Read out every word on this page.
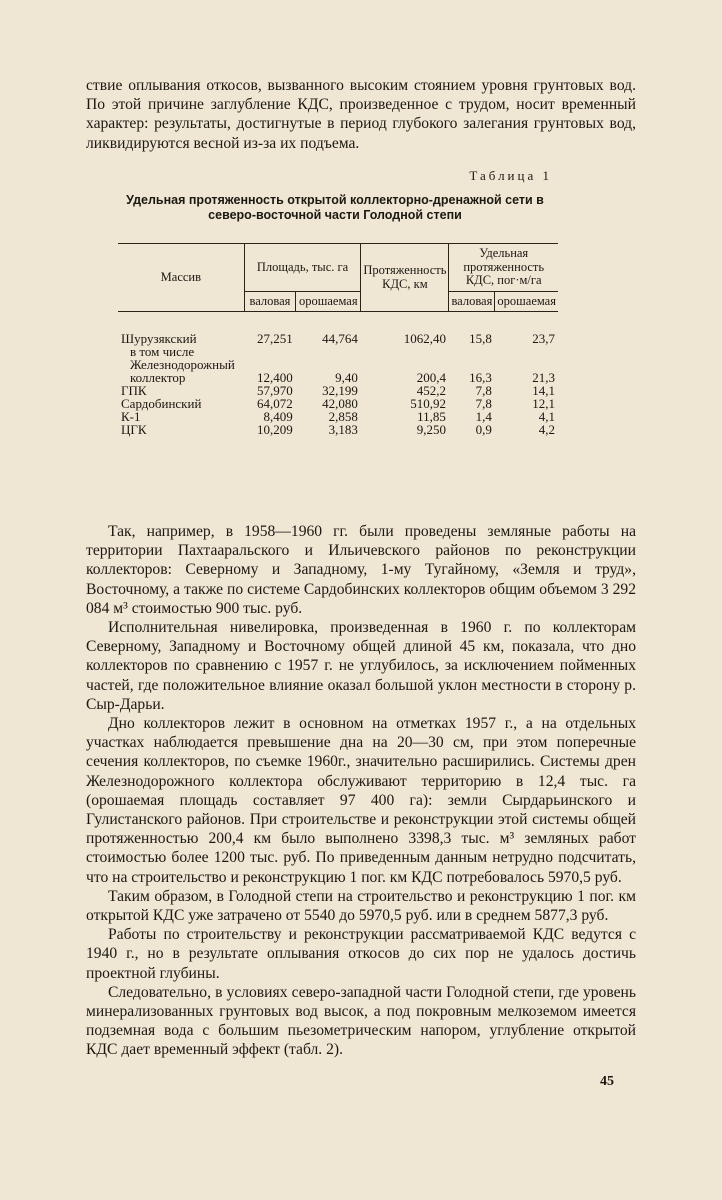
ствие оплывания откосов, вызванного высоким стоянием уровня грунтовых вод. По этой причине заглубление КДС, произведенное с трудом, носит временный характер: результаты, достигнутые в период глубокого залегания грунтовых вод, ликвидируются весной из-за их подъема.

Таблица 1
Удельная протяженность открытой коллекторно-дренажной сети в северо-восточной части Голодной степи
Массив	Площадь, тыс. га		Протяженность КДС, км	Удельная протяженность КДС, пог·м/га	
				валовая	орошаемая
	валовая	орошаемая			
Шурузякский	27,251	44,764	1062,40	15,8	23,7
в том числе Железнодорожный коллектор	12,400	9,40	200,4	16,3	21,3
ГПК	57,970	32,199	452,2	7,8	14,1
Сардобинский	64,072	42,080	510,92	7,8	12,1
К-1	8,409	2,858	11,85	1,4	4,1
ЦГК	10,209	3,183	9,250	0,9	4,2

Так, например, в 1958—1960 гг. были проведены земляные работы на территории Пахтааральского и Ильичевского районов по реконструкции коллекторов: Северному и Западному, 1-му Тугайному, «Земля и труд», Восточному, а также по системе Сардобинских коллекторов общим объемом 3 292 084 м³ стоимостью 900 тыс. руб.

Исполнительная нивелировка, произведенная в 1960 г. по коллекторам Северному, Западному и Восточному общей длиной 45 км, показала, что дно коллекторов по сравнению с 1957 г. не углубилось, за исключением пойменных частей, где положительное влияние оказал большой уклон местности в сторону р. Сыр-Дарьи.

Дно коллекторов лежит в основном на отметках 1957 г., а на отдельных участках наблюдается превышение дна на 20—30 см, при этом поперечные сечения коллекторов, по съемке 1960г., значительно расширились. Системы дрен Железнодорожного коллектора обслуживают территорию в 12,4 тыс. га (орошаемая площадь составляет 97 400 га): земли Сырдарьинского и Гулистанского районов. При строительстве и реконструкции этой системы общей протяженностью 200,4 км было выполнено 3398,3 тыс. м³ земляных работ стоимостью более 1200 тыс. руб. По приведенным данным нетрудно подсчитать, что на строительство и реконструкцию 1 пог. км КДС потребовалось 5970,5 руб.

Таким образом, в Голодной степи на строительство и реконструкцию 1 пог. км открытой КДС уже затрачено от 5540 до 5970,5 руб. или в среднем 5877,3 руб.

Работы по строительству и реконструкции рассматриваемой КДС ведутся с 1940 г., но в результате оплывания откосов до сих пор не удалось достичь проектной глубины.

Следовательно, в условиях северо-западной части Голодной степи, где уровень минерализованных грунтовых вод высок, а под покровным мелкоземом имеется подземная вода с большим пьезометрическим напором, углубление открытой КДС дает временный эффект (табл. 2).

45
